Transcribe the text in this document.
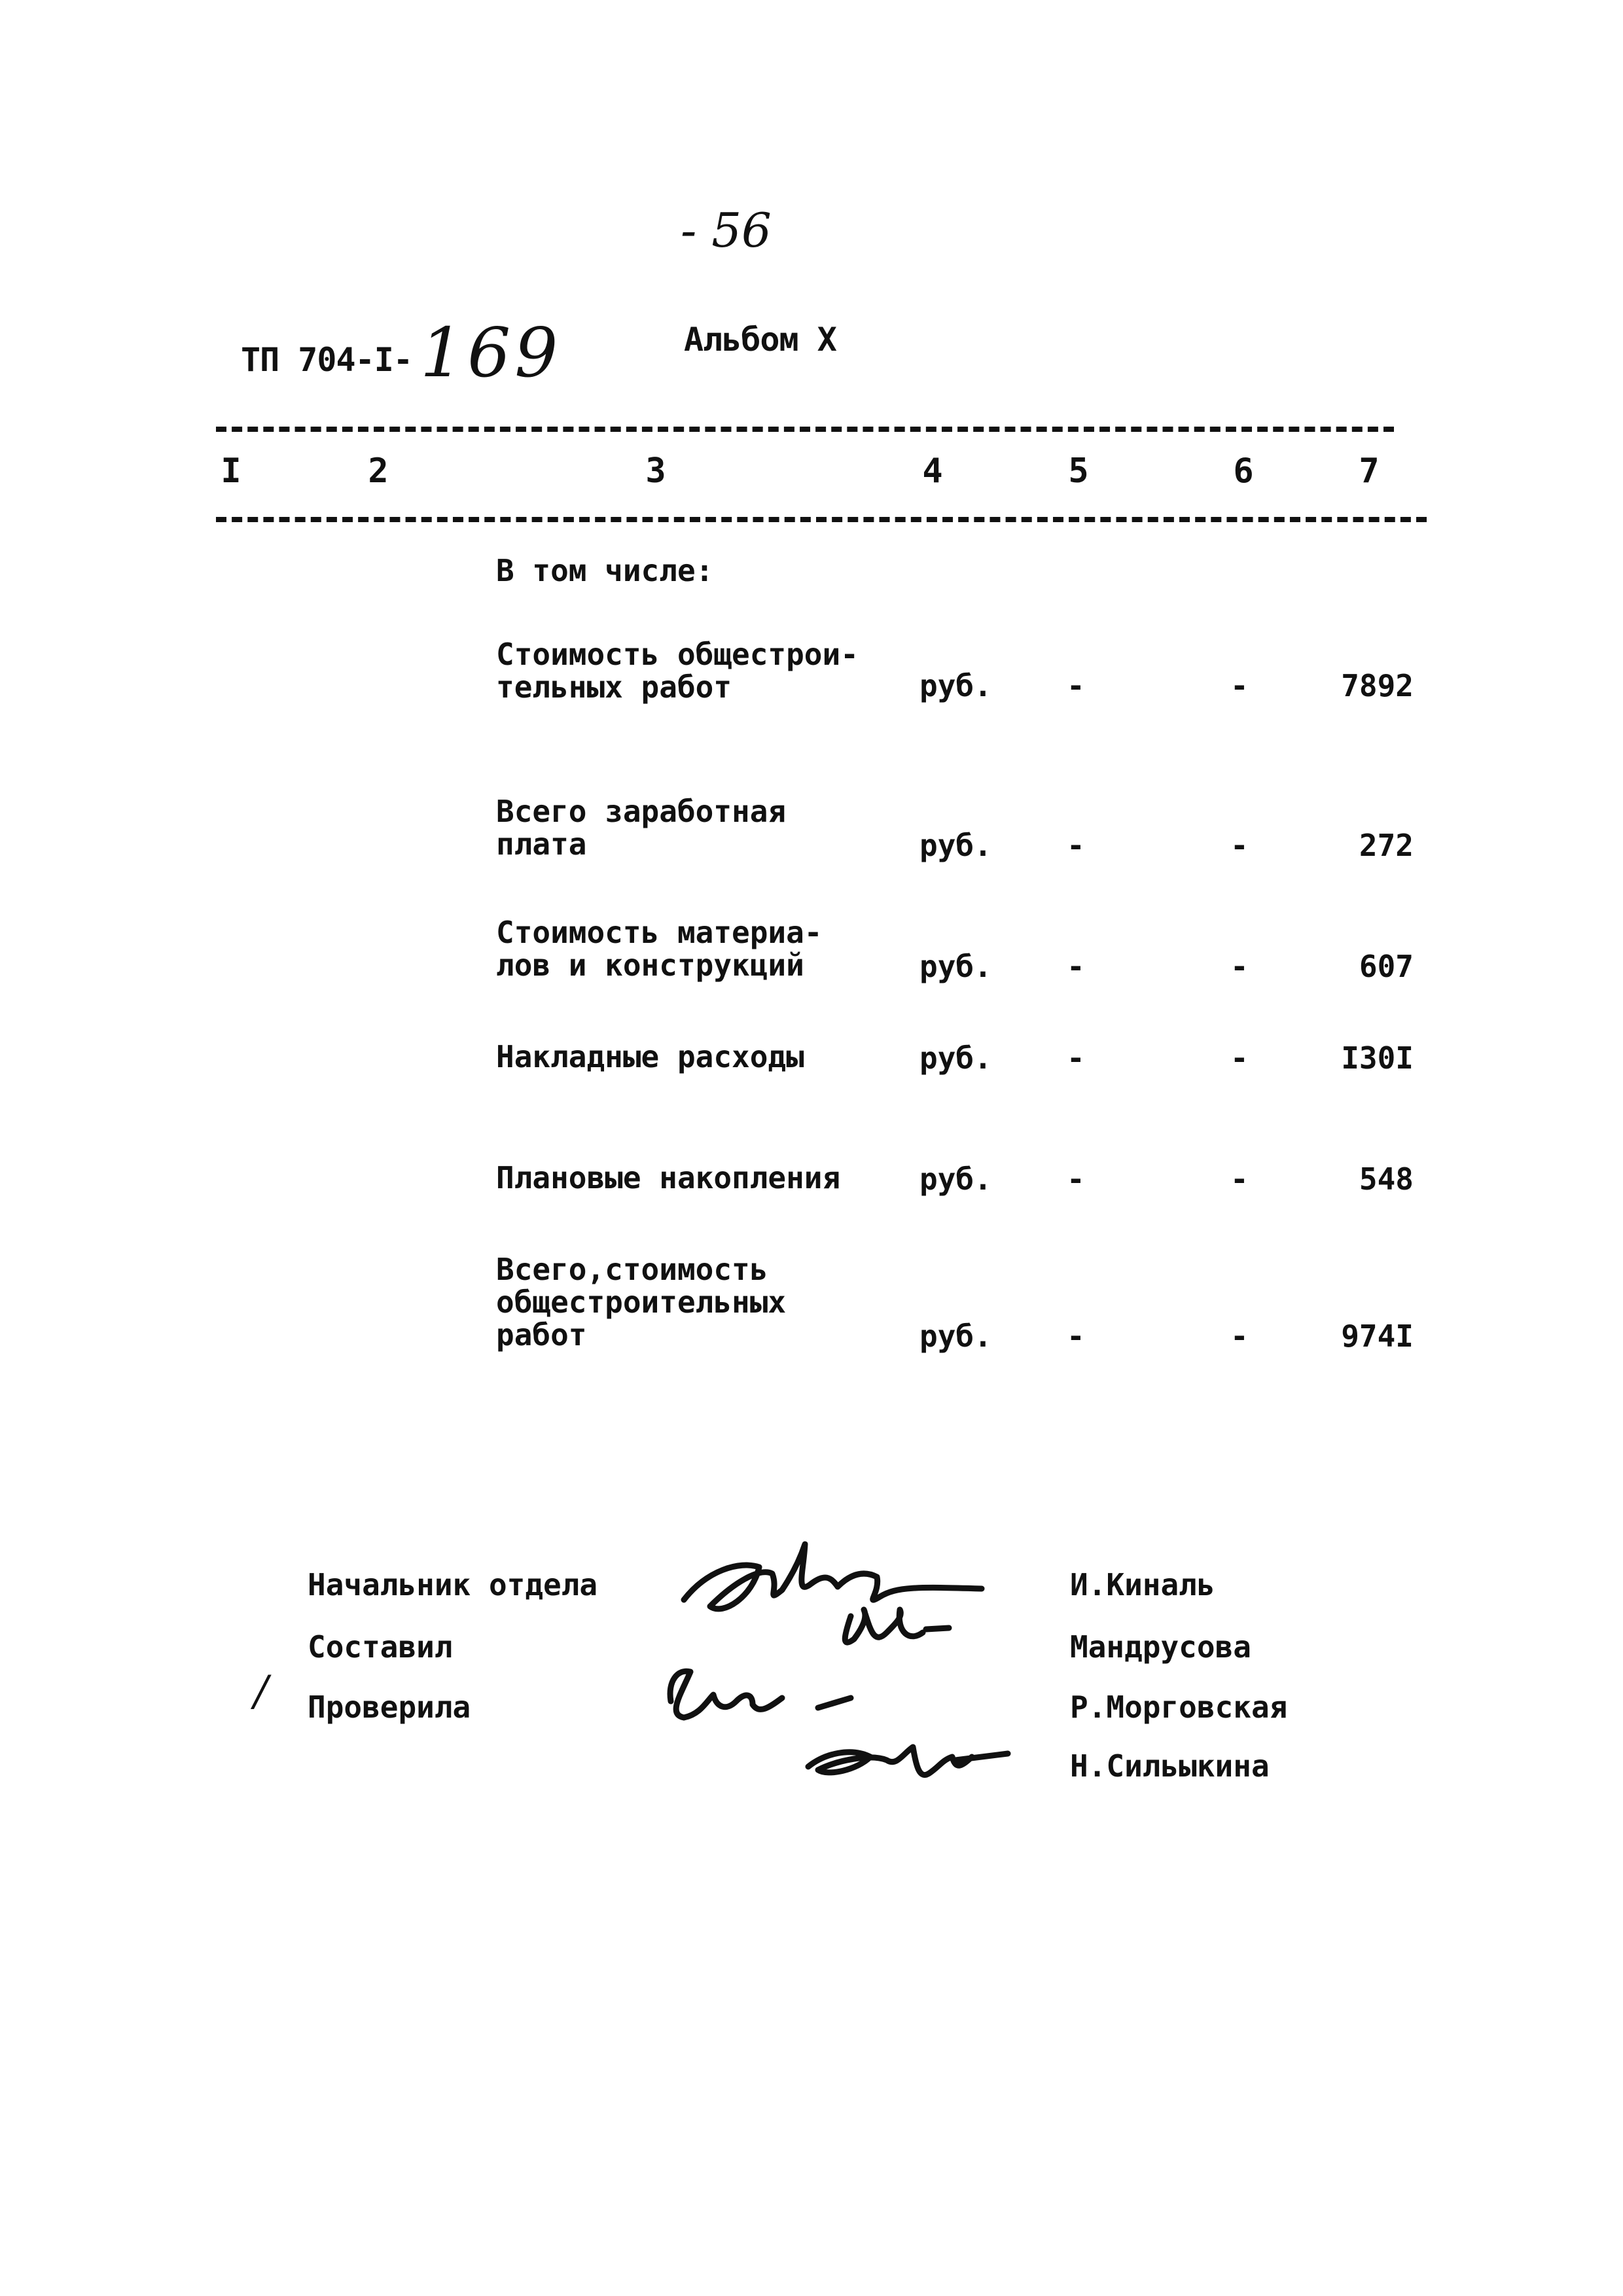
- 56
ТП 704-I- 169	Альбом X
I	2	3	4	5	6	7
В том числе:
Стоимость общестрои-
тельных работ	руб. -	-	7892
Всего заработная
плата	руб. -	-	272
Стоимость материа-
лов и конструкций	руб. -	-	607
Накладные расходы	руб. -	-	I30I
Плановые накопления	руб. -	-	548
Всего,стоимость
общестроительных
работ	руб. -	-	974I
/
Начальник отдела	И.Киналь
Составил	Мандрусова
Проверила	Р.Морговская
Н.Сильыкина
